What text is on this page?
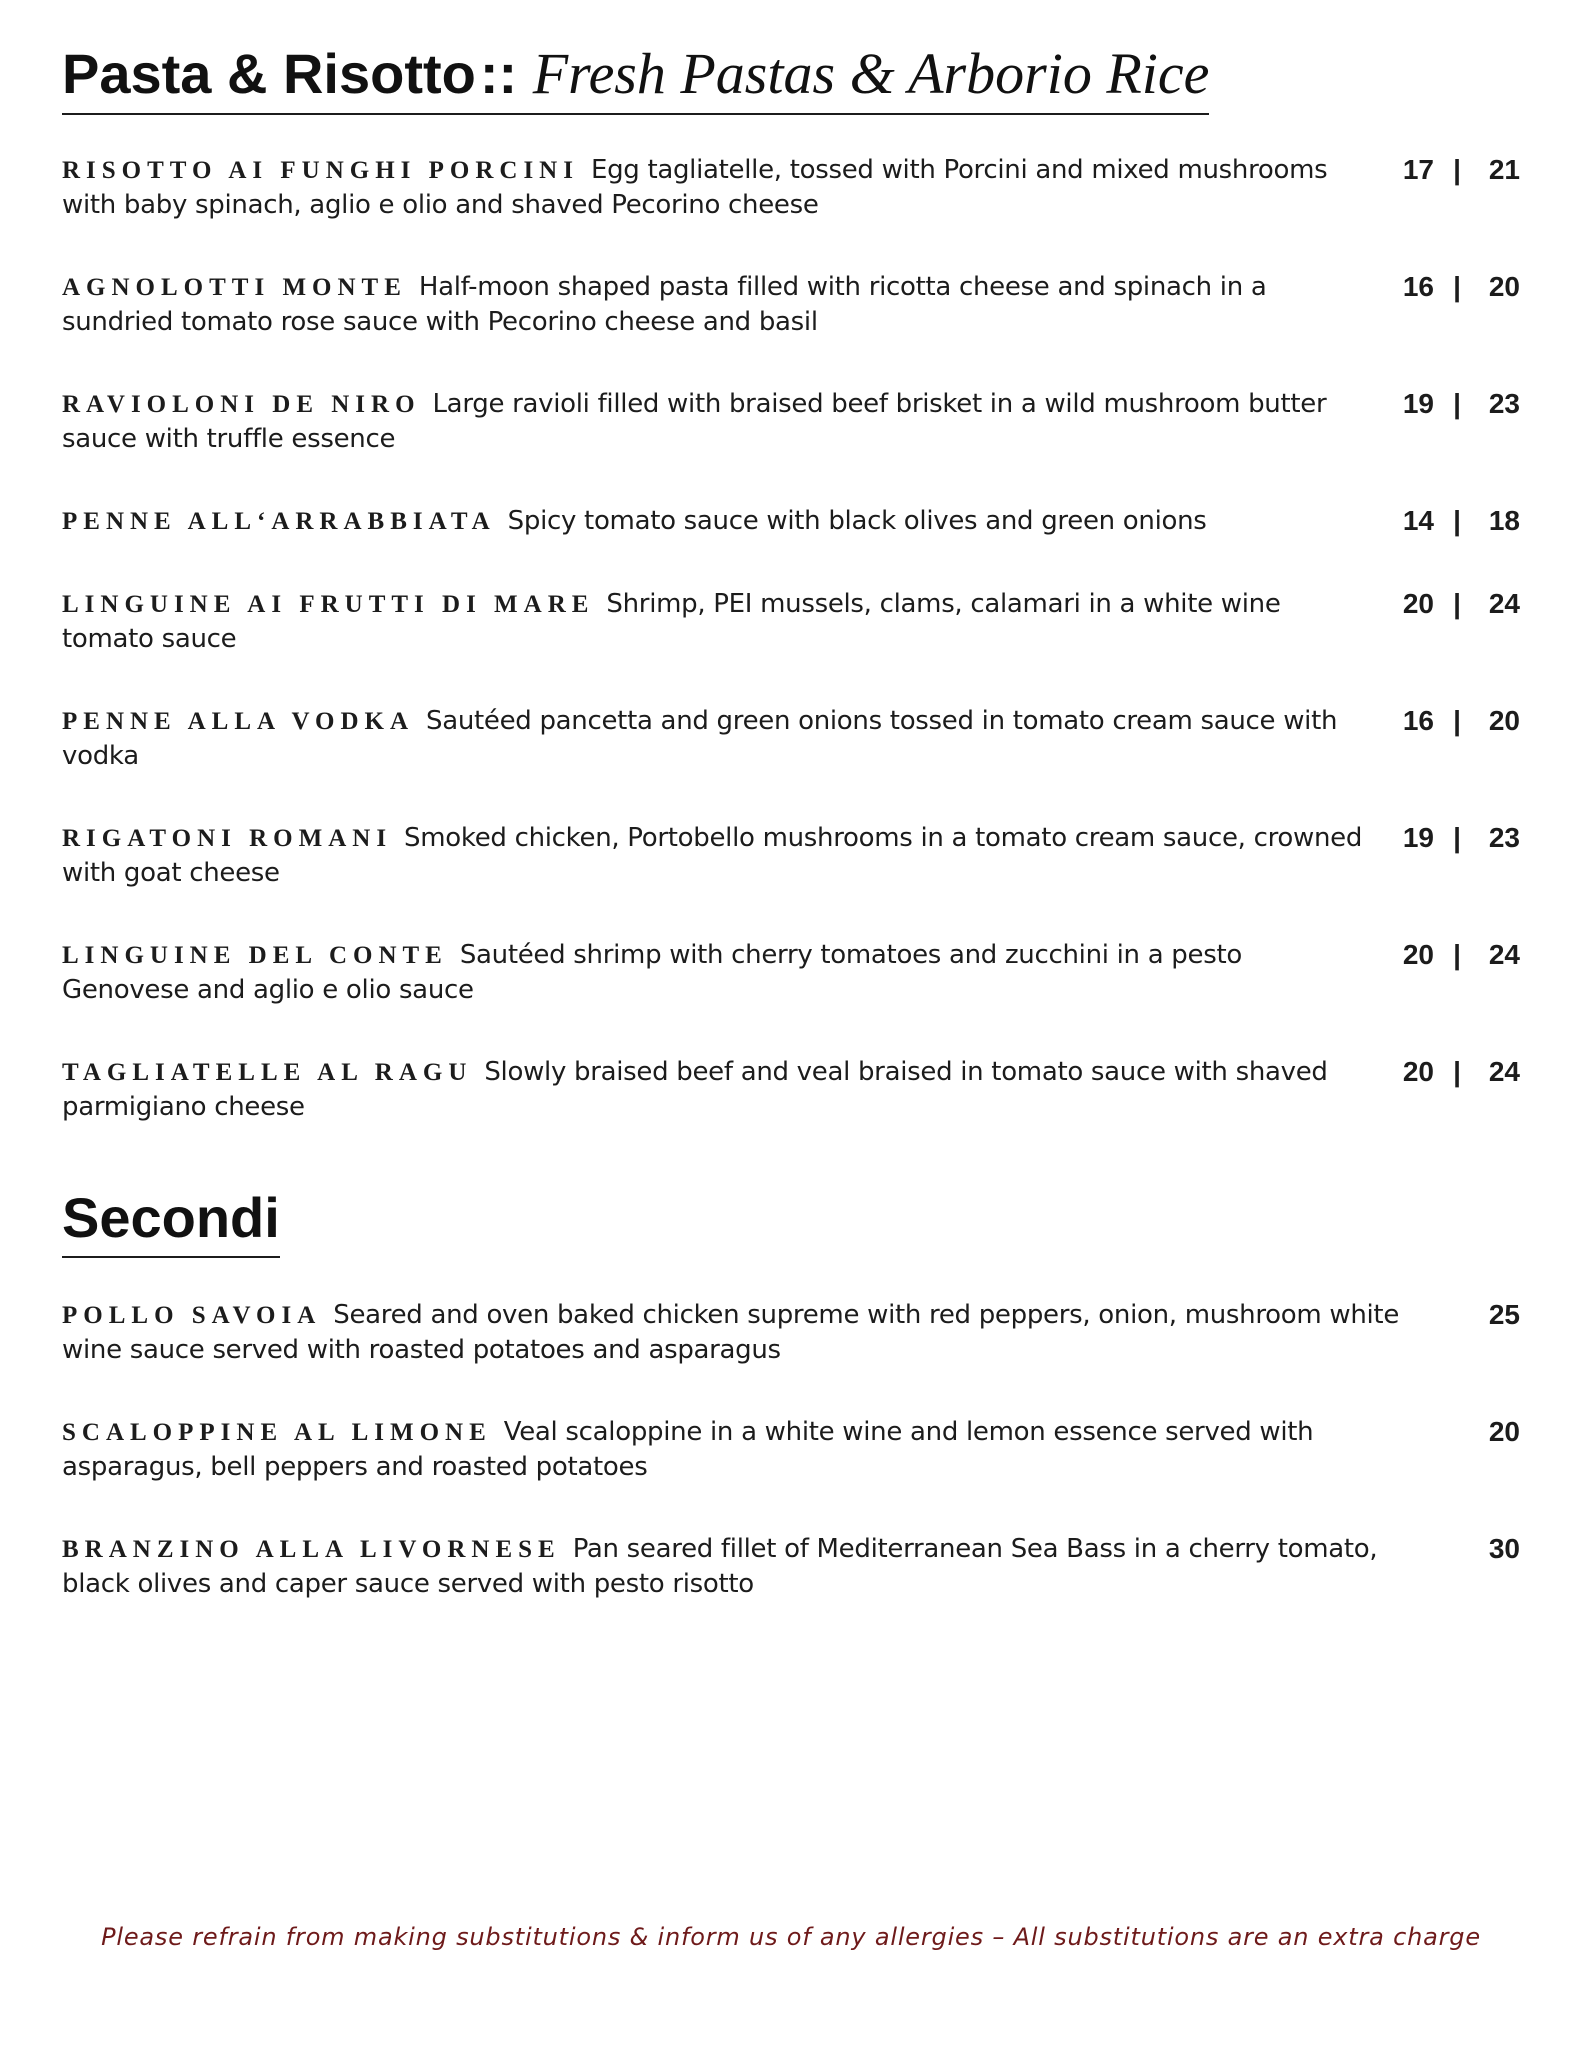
Pasta & Risotto :: Fresh Pastas & Arborio Rice
RISOTTO AI FUNGHI PORCINI Egg tagliatelle, tossed with Porcini and mixed mushrooms with baby spinach, aglio e olio and shaved Pecorino cheese
17 | 21
AGNOLOTTI MONTE Half-moon shaped pasta filled with ricotta cheese and spinach in a sundried tomato rose sauce with Pecorino cheese and basil
16 | 20
RAVIOLONI DE NIRO Large ravioli filled with braised beef brisket in a wild mushroom butter sauce with truffle essence
19 | 23
PENNE ALL‘ARRABBIATA Spicy tomato sauce with black olives and green onions	14 | 18
LINGUINE AI FRUTTI DI MARE Shrimp, PEI mussels, clams, calamari in a white wine tomato sauce
20 | 24
PENNE ALLA VODKA Sautéed pancetta and green onions tossed in tomato cream sauce with vodka
16 | 20
RIGATONI ROMANI Smoked chicken, Portobello mushrooms in a tomato cream sauce, crowned with goat cheese
19 | 23
LINGUINE DEL CONTE Sautéed shrimp with cherry tomatoes and zucchini in a pesto Genovese and aglio e olio sauce
20 | 24
TAGLIATELLE AL RAGU Slowly braised beef and veal braised in tomato sauce with shaved parmigiano cheese
20 | 24
Secondi
POLLO SAVOIA Seared and oven baked chicken supreme with red peppers, onion, mushroom white wine sauce served with roasted potatoes and asparagus
25
SCALOPPINE AL LIMONE Veal scaloppine in a white wine and lemon essence served with asparagus, bell peppers and roasted potatoes
20
BRANZINO ALLA LIVORNESE Pan seared fillet of Mediterranean Sea Bass in a cherry tomato, black olives and caper sauce served with pesto risotto
30
Please refrain from making substitutions & inform us of any allergies – All substitutions are an extra charge
